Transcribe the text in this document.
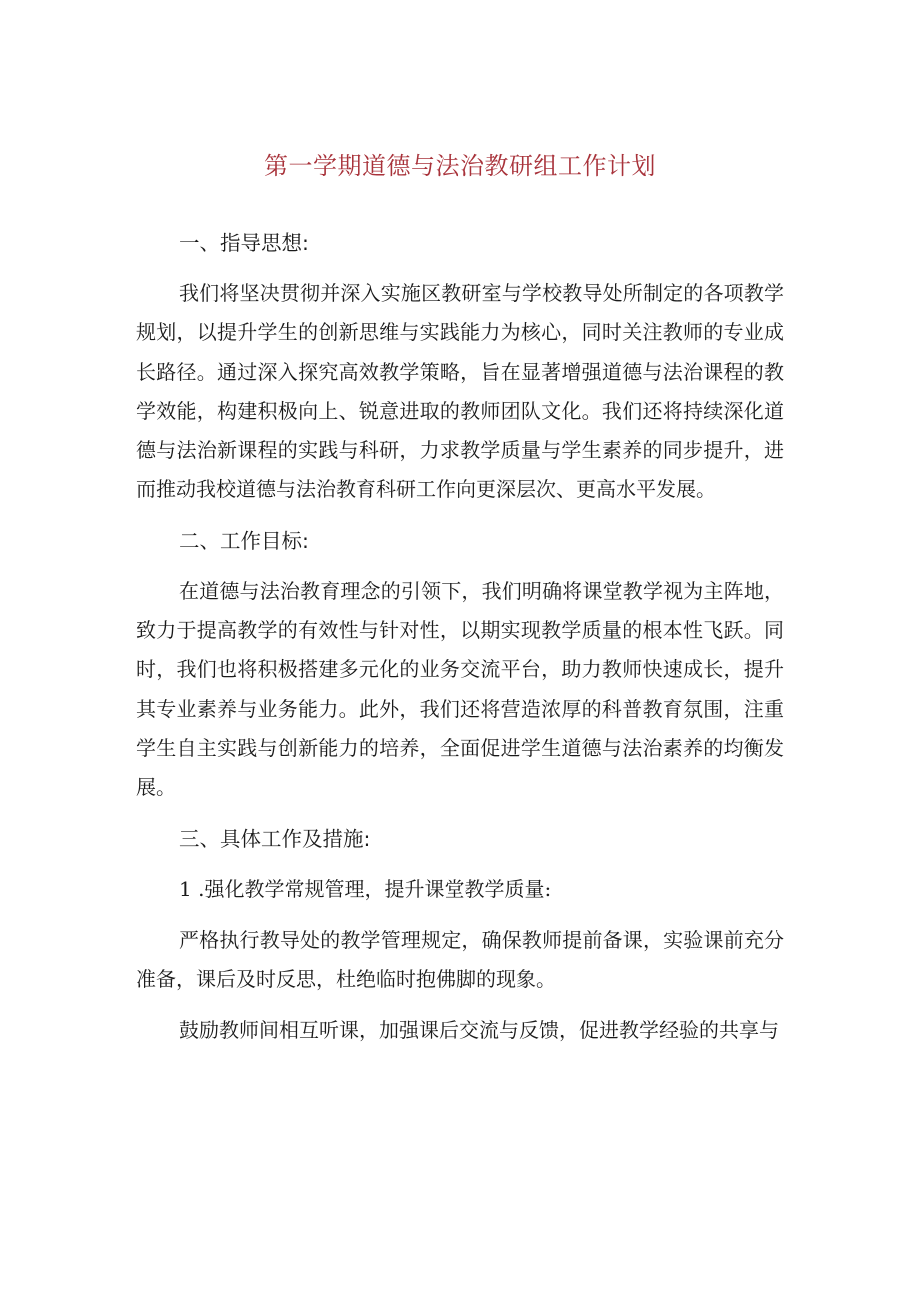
第一学期道德与法治教研组工作计划
一、指导思想:

我们将坚决贯彻并深入实施区教研室与学校教导处所制定的各项教学规划，以提升学生的创新思维与实践能力为核心，同时关注教师的专业成长路径。通过深入探究高效教学策略，旨在显著增强道德与法治课程的教学效能，构建积极向上、锐意进取的教师团队文化。我们还将持续深化道德与法治新课程的实践与科研，力求教学质量与学生素养的同步提升，进而推动我校道德与法治教育科研工作向更深层次、更高水平发展。

二、工作目标:

在道德与法治教育理念的引领下，我们明确将课堂教学视为主阵地，致力于提高教学的有效性与针对性，以期实现教学质量的根本性飞跃。同时，我们也将积极搭建多元化的业务交流平台，助力教师快速成长，提升其专业素养与业务能力。此外，我们还将营造浓厚的科普教育氛围，注重学生自主实践与创新能力的培养，全面促进学生道德与法治素养的均衡发展。

三、具体工作及措施:
1 .强化教学常规管理，提升课堂教学质量:

严格执行教导处的教学管理规定，确保教师提前备课，实验课前充分准备，课后及时反思，杜绝临时抱佛脚的现象。

鼓励教师间相互听课，加强课后交流与反馈，促进教学经验的共享与
